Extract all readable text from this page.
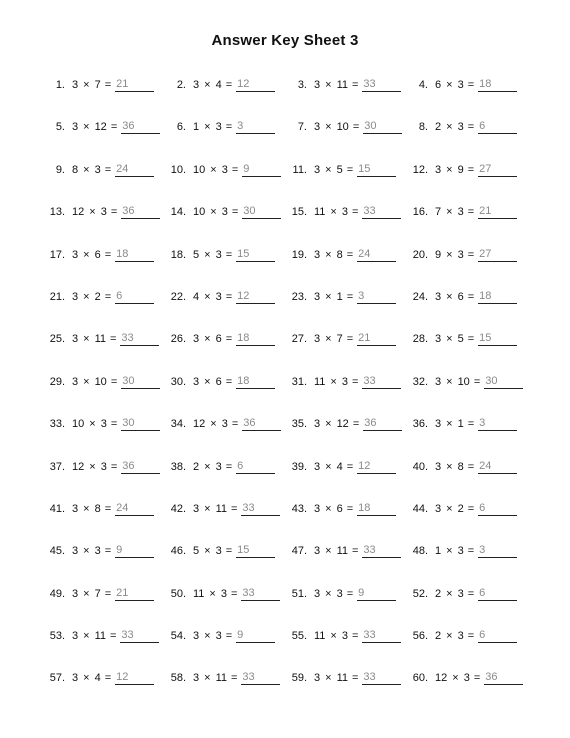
Answer Key Sheet 3
1. 3 × 7 = 21	2. 3 × 4 = 12	3. 3 × 11 = 33	4. 6 × 3 = 18
5. 3 × 12 = 36	6. 1 × 3 = 3	7. 3 × 10 = 30	8. 2 × 3 = 6
9. 8 × 3 = 24	10. 10 × 3 = 9	11. 3 × 5 = 15	12. 3 × 9 = 27
13. 12 × 3 = 36	14. 10 × 3 = 30	15. 11 × 3 = 33	16. 7 × 3 = 21
17. 3 × 6 = 18	18. 5 × 3 = 15	19. 3 × 8 = 24	20. 9 × 3 = 27
21. 3 × 2 = 6	22. 4 × 3 = 12	23. 3 × 1 = 3	24. 3 × 6 = 18
25. 3 × 11 = 33	26. 3 × 6 = 18	27. 3 × 7 = 21	28. 3 × 5 = 15
29. 3 × 10 = 30	30. 3 × 6 = 18	31. 11 × 3 = 33	32. 3 × 10 = 30
33. 10 × 3 = 30	34. 12 × 3 = 36	35. 3 × 12 = 36	36. 3 × 1 = 3
37. 12 × 3 = 36	38. 2 × 3 = 6	39. 3 × 4 = 12	40. 3 × 8 = 24
41. 3 × 8 = 24	42. 3 × 11 = 33	43. 3 × 6 = 18	44. 3 × 2 = 6
45. 3 × 3 = 9	46. 5 × 3 = 15	47. 3 × 11 = 33	48. 1 × 3 = 3
49. 3 × 7 = 21	50. 11 × 3 = 33	51. 3 × 3 = 9	52. 2 × 3 = 6
53. 3 × 11 = 33	54. 3 × 3 = 9	55. 11 × 3 = 33	56. 2 × 3 = 6
57. 3 × 4 = 12	58. 3 × 11 = 33	59. 3 × 11 = 33	60. 12 × 3 = 36
